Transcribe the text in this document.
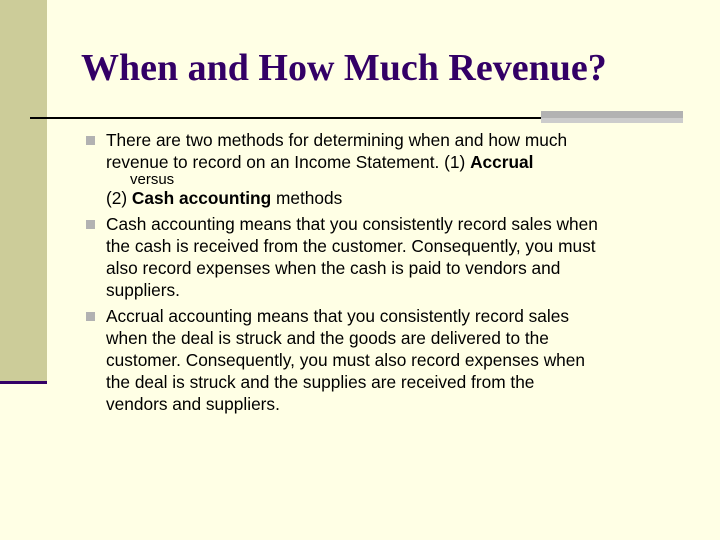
When and How Much Revenue?
There are two methods for determining when and how much
revenue to record on an Income Statement. (1) Accrual
versus
(2) Cash accounting methods
Cash accounting means that you consistently record sales when
the cash is received from the customer. Consequently, you must
also record expenses when the cash is paid to vendors and
suppliers.
Accrual accounting means that you consistently record sales
when the deal is struck and the goods are delivered to the
customer. Consequently, you must also record expenses when
the deal is struck and the supplies are received from the
vendors and suppliers.
